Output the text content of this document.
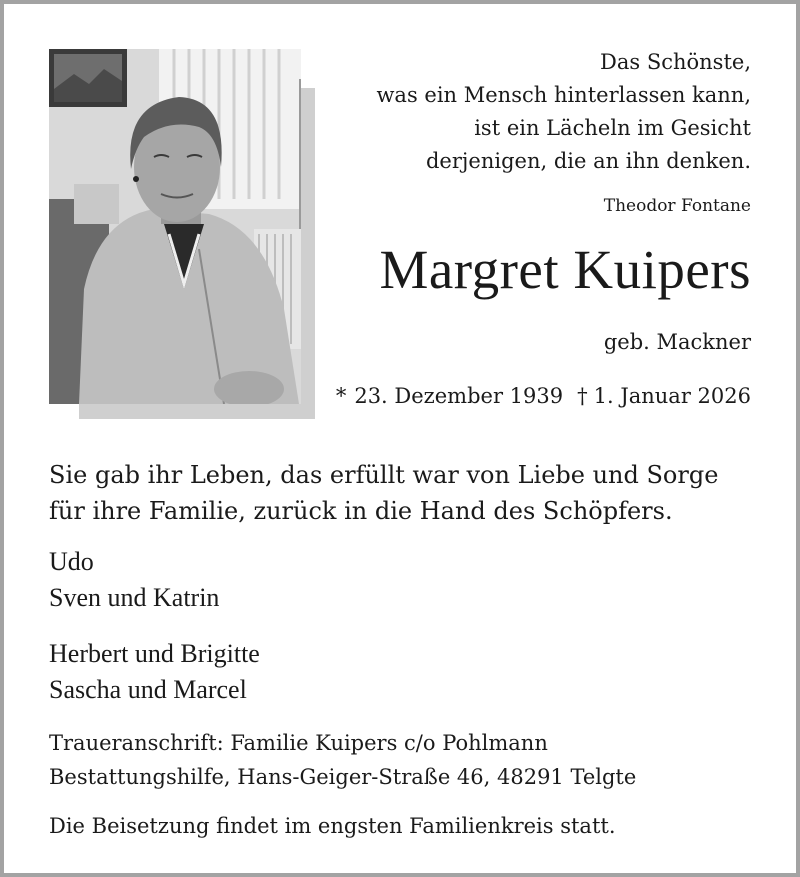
Das Schönste,
was ein Mensch hinterlassen kann,
ist ein Lächeln im Gesicht
derjenigen, die an ihn denken.
Theodor Fontane
Margret Kuipers
geb. Mackner
* 23. Dezember 1939 † 1. Januar 2026
Sie gab ihr Leben, das erfüllt war von Liebe und Sorge
für ihre Familie, zurück in die Hand des Schöpfers.
Udo
Sven und Katrin
Herbert und Brigitte
Sascha und Marcel
Traueranschrift: Familie Kuipers c/o Pohlmann
Bestattungshilfe, Hans-Geiger-Straße 46, 48291 Telgte
Die Beisetzung findet im engsten Familienkreis statt.
